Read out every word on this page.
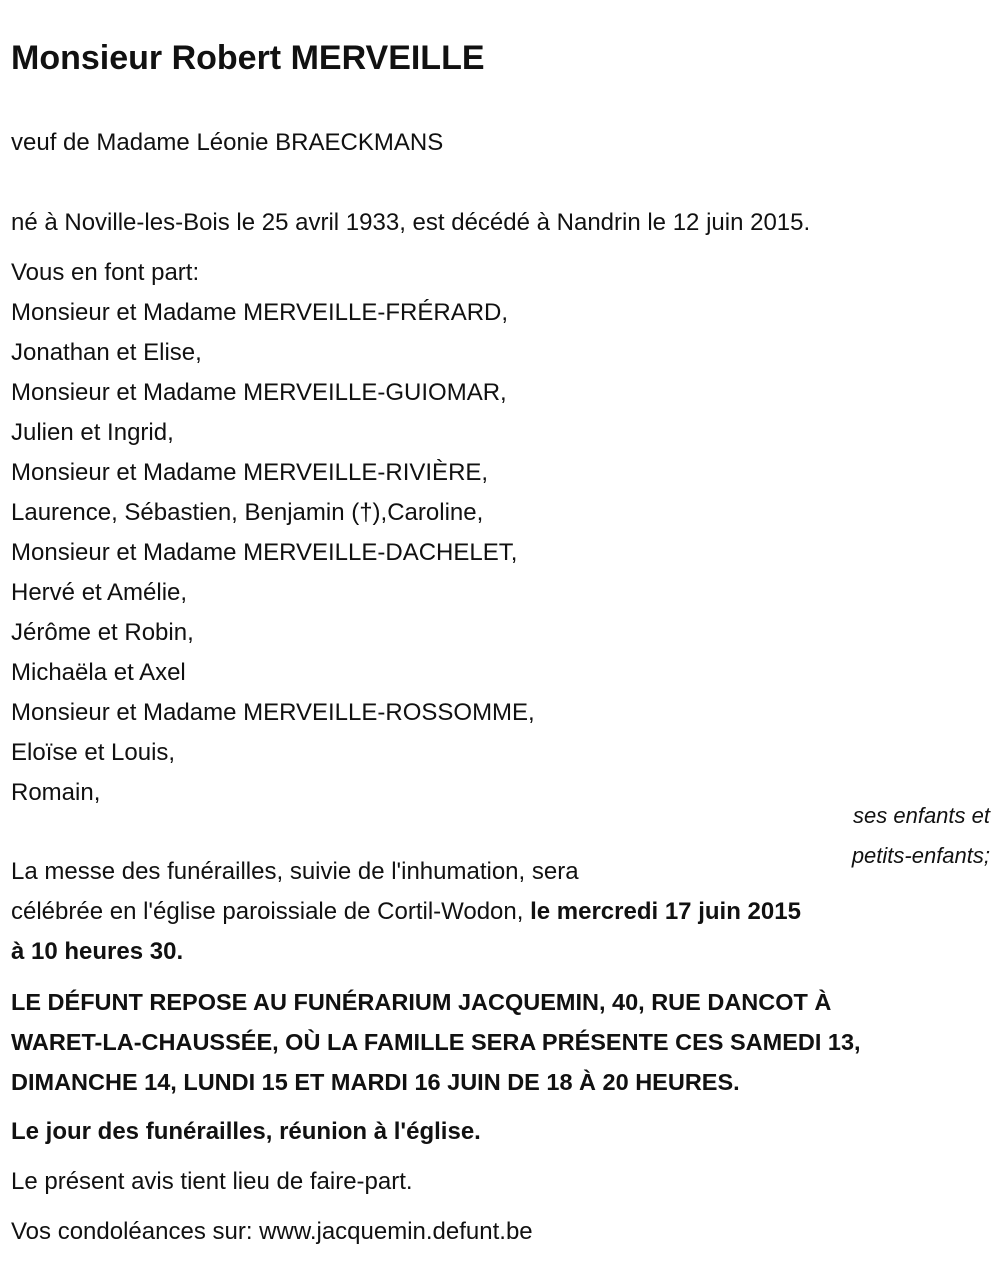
Monsieur Robert MERVEILLE
veuf de Madame Léonie BRAECKMANS
né à Noville-les-Bois le 25 avril 1933, est décédé à Nandrin le 12 juin 2015.
Vous en font part:
Monsieur et Madame MERVEILLE-FRÉRARD,
Jonathan et Elise,
Monsieur et Madame MERVEILLE-GUIOMAR,
Julien et Ingrid,
Monsieur et Madame MERVEILLE-RIVIÈRE,
Laurence, Sébastien, Benjamin (†),Caroline,
Monsieur et Madame MERVEILLE-DACHELET,
Hervé et Amélie,
Jérôme et Robin,
Michaëla et Axel
Monsieur et Madame MERVEILLE-ROSSOMME,
Eloïse et Louis,
Romain,
ses enfants et
petits-enfants;
La messe des funérailles, suivie de l'inhumation, sera
célébrée en l'église paroissiale de Cortil-Wodon, le mercredi 17 juin 2015
à 10 heures 30.
LE DÉFUNT REPOSE AU FUNÉRARIUM JACQUEMIN, 40, RUE DANCOT À
WARET-LA-CHAUSSÉE, OÙ LA FAMILLE SERA PRÉSENTE CES SAMEDI 13,
DIMANCHE 14, LUNDI 15 ET MARDI 16 JUIN DE 18 À 20 HEURES.
Le jour des funérailles, réunion à l'église.
Le présent avis tient lieu de faire-part.
Vos condoléances sur: www.jacquemin.defunt.be
